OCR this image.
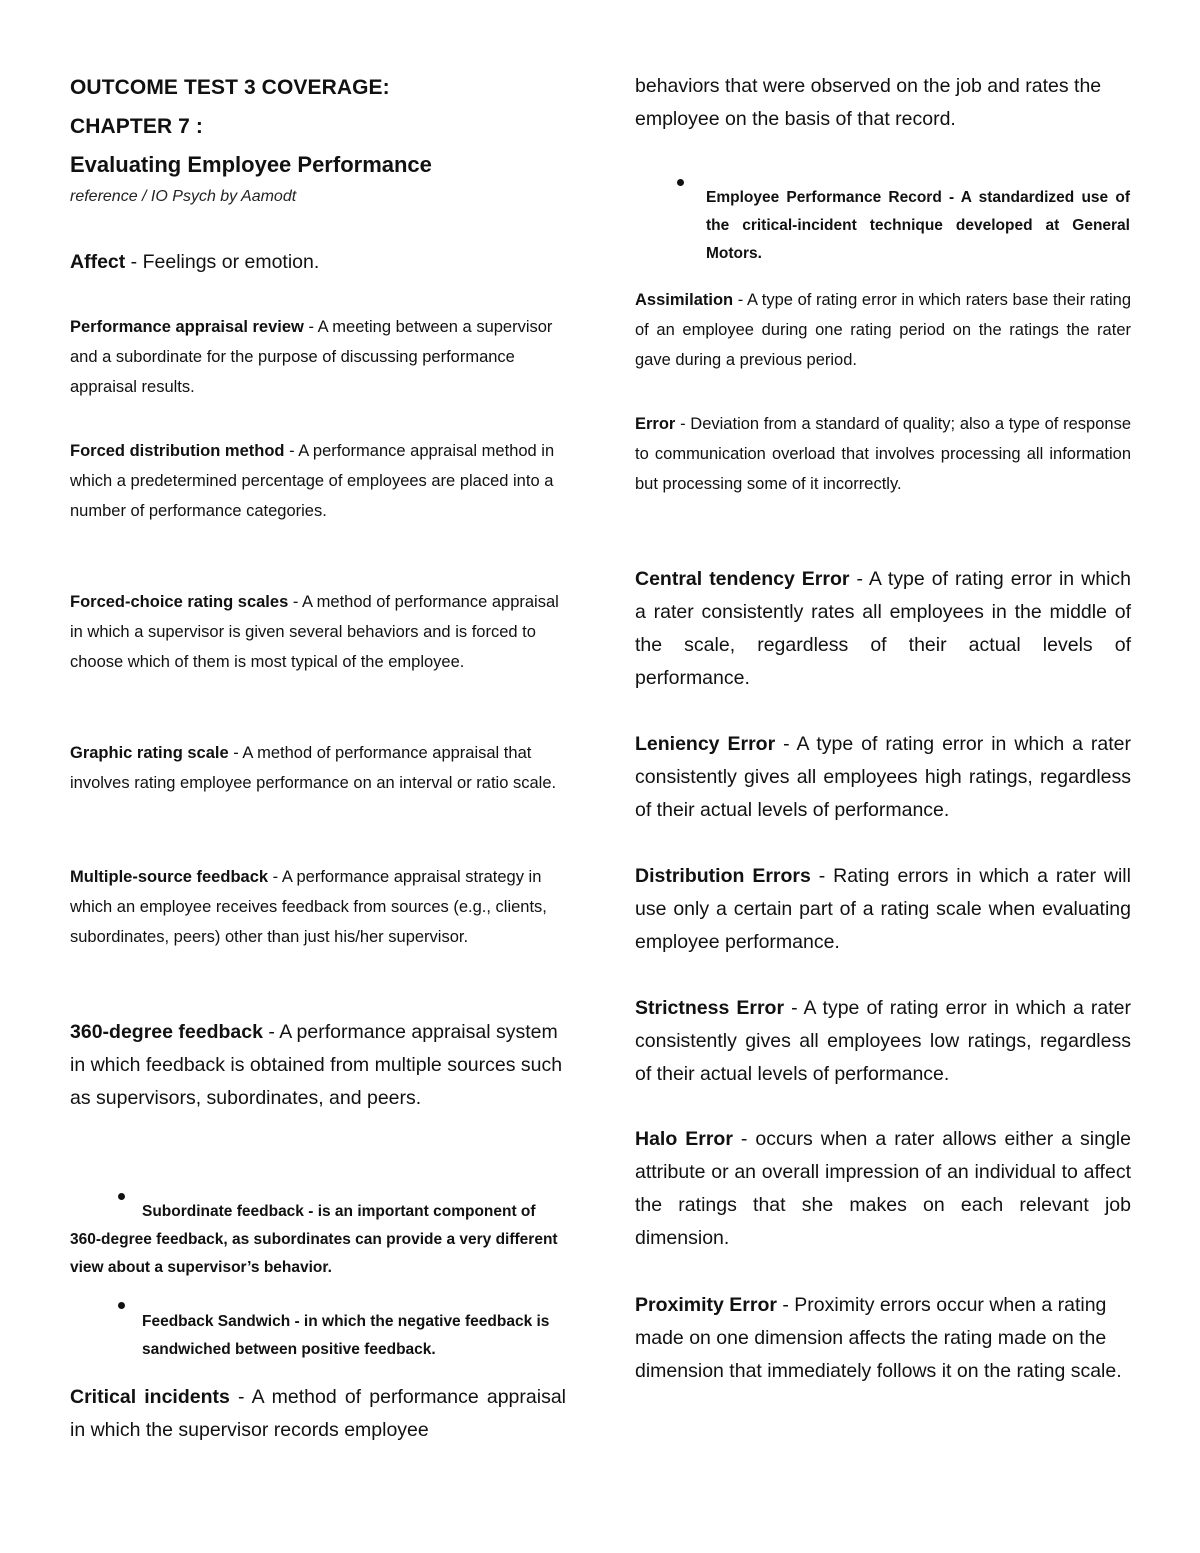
OUTCOME TEST 3 COVERAGE:
CHAPTER 7 :
Evaluating Employee Performance
reference / IO Psych by Aamodt

Affect - Feelings or emotion.

Performance appraisal review - A meeting between a supervisor and a subordinate for the purpose of discussing performance appraisal results.

Forced distribution method - A performance appraisal method in which a predetermined percentage of employees are placed into a number of performance categories.

Forced-choice rating scales - A method of performance appraisal in which a supervisor is given several behaviors and is forced to choose which of them is most typical of the employee.

Graphic rating scale - A method of performance appraisal that involves rating employee performance on an interval or ratio scale.

Multiple-source feedback - A performance appraisal strategy in which an employee receives feedback from sources (e.g., clients, subordinates, peers) other than just his/her supervisor.

360-degree feedback - A performance appraisal system in which feedback is obtained from multiple sources such as supervisors, subordinates, and peers.

Subordinate feedback - is an important component of 360-degree feedback, as subordinates can provide a very different view about a supervisor’s behavior.

Feedback Sandwich - in which the negative feedback is sandwiched between positive feedback.

Critical incidents - A method of performance appraisal in which the supervisor records employee

behaviors that were observed on the job and rates the employee on the basis of that record.

Employee Performance Record - A standardized use of the critical-incident technique developed at General Motors.

Assimilation - A type of rating error in which raters base their rating of an employee during one rating period on the ratings the rater gave during a previous period.

Error - Deviation from a standard of quality; also a type of response to communication overload that involves processing all information but processing some of it incorrectly.

Central tendency Error - A type of rating error in which a rater consistently rates all employees in the middle of the scale, regardless of their actual levels of performance.

Leniency Error - A type of rating error in which a rater consistently gives all employees high ratings, regardless of their actual levels of performance.

Distribution Errors - Rating errors in which a rater will use only a certain part of a rating scale when evaluating employee performance.

Strictness Error - A type of rating error in which a rater consistently gives all employees low ratings, regardless of their actual levels of performance.

Halo Error - occurs when a rater allows either a single attribute or an overall impression of an individual to affect the ratings that she makes on each relevant job dimension.

Proximity Error - Proximity errors occur when a rating made on one dimension affects the rating made on the dimension that immediately follows it on the rating scale.
